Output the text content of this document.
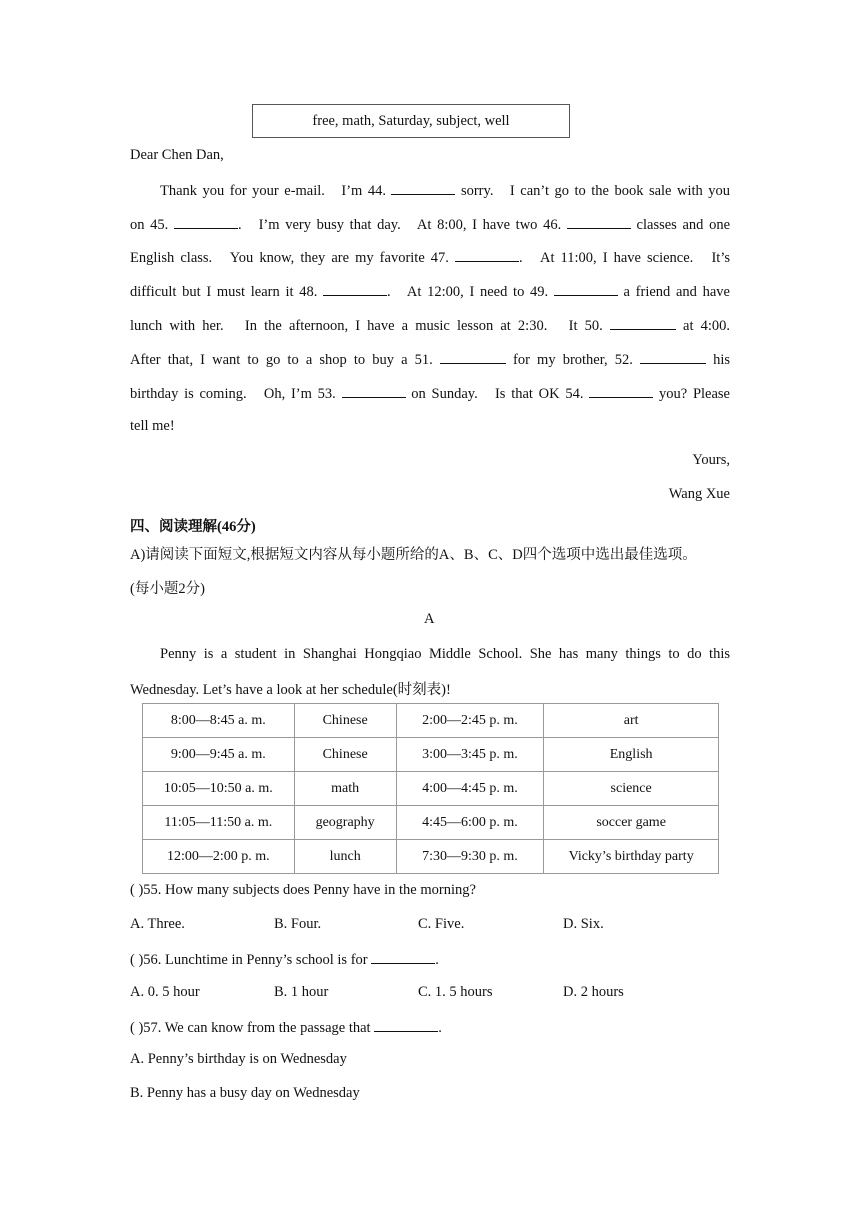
free, math, Saturday, subject, well
Dear Chen Dan,
Thank you for your e-mail.   I’m 44.	sorry.   I can’t go to the book sale with you
on 45.	.   I’m very busy that day.   At 8:00, I have two 46.	classes and one
English class.   You know, they are my favorite 47.	.   At 11:00, I have science.   It’s
difficult but I must learn it 48.	.   At 12:00, I need to 49.	a friend and have
lunch with her.   In the afternoon, I have a music lesson at 2:30.   It 50.	at 4:00.
After that, I want to go to a shop to buy a 51.	for my brother, 52.	his
birthday is coming.   Oh, I’m 53.	on Sunday.   Is that OK 54.	you? Please
tell me!
Yours,
Wang Xue
四、阅读理解(46分)
A)请阅读下面短文,根据短文内容从每小题所给的A、B、C、D四个选项中选出最佳选项。
(每小题2分)
A
Penny is a student in Shanghai Hongqiao Middle School. She has many things to do this
Wednesday. Let’s have a look at her schedule(时刻表)!
8:00—8:45 a. m.	Chinese	2:00—2:45 p. m.	art
9:00—9:45 a. m.	Chinese	3:00—3:45 p. m.	English
10:05—10:50 a. m.	math	4:00—4:45 p. m.	science
11:05—11:50 a. m.	geography	4:45—6:00 p. m.	soccer game
12:00—2:00 p. m.	lunch	7:30—9:30 p. m.	Vicky’s birthday party
( )55. How many subjects does Penny have in the morning?
A. Three.	B. Four.	C. Five.	D. Six.
( )56. Lunchtime in Penny’s school is for	.
A. 0. 5 hour	B. 1 hour	C. 1. 5 hours	D. 2 hours
( )57. We can know from the passage that	.
A. Penny’s birthday is on Wednesday
B. Penny has a busy day on Wednesday
